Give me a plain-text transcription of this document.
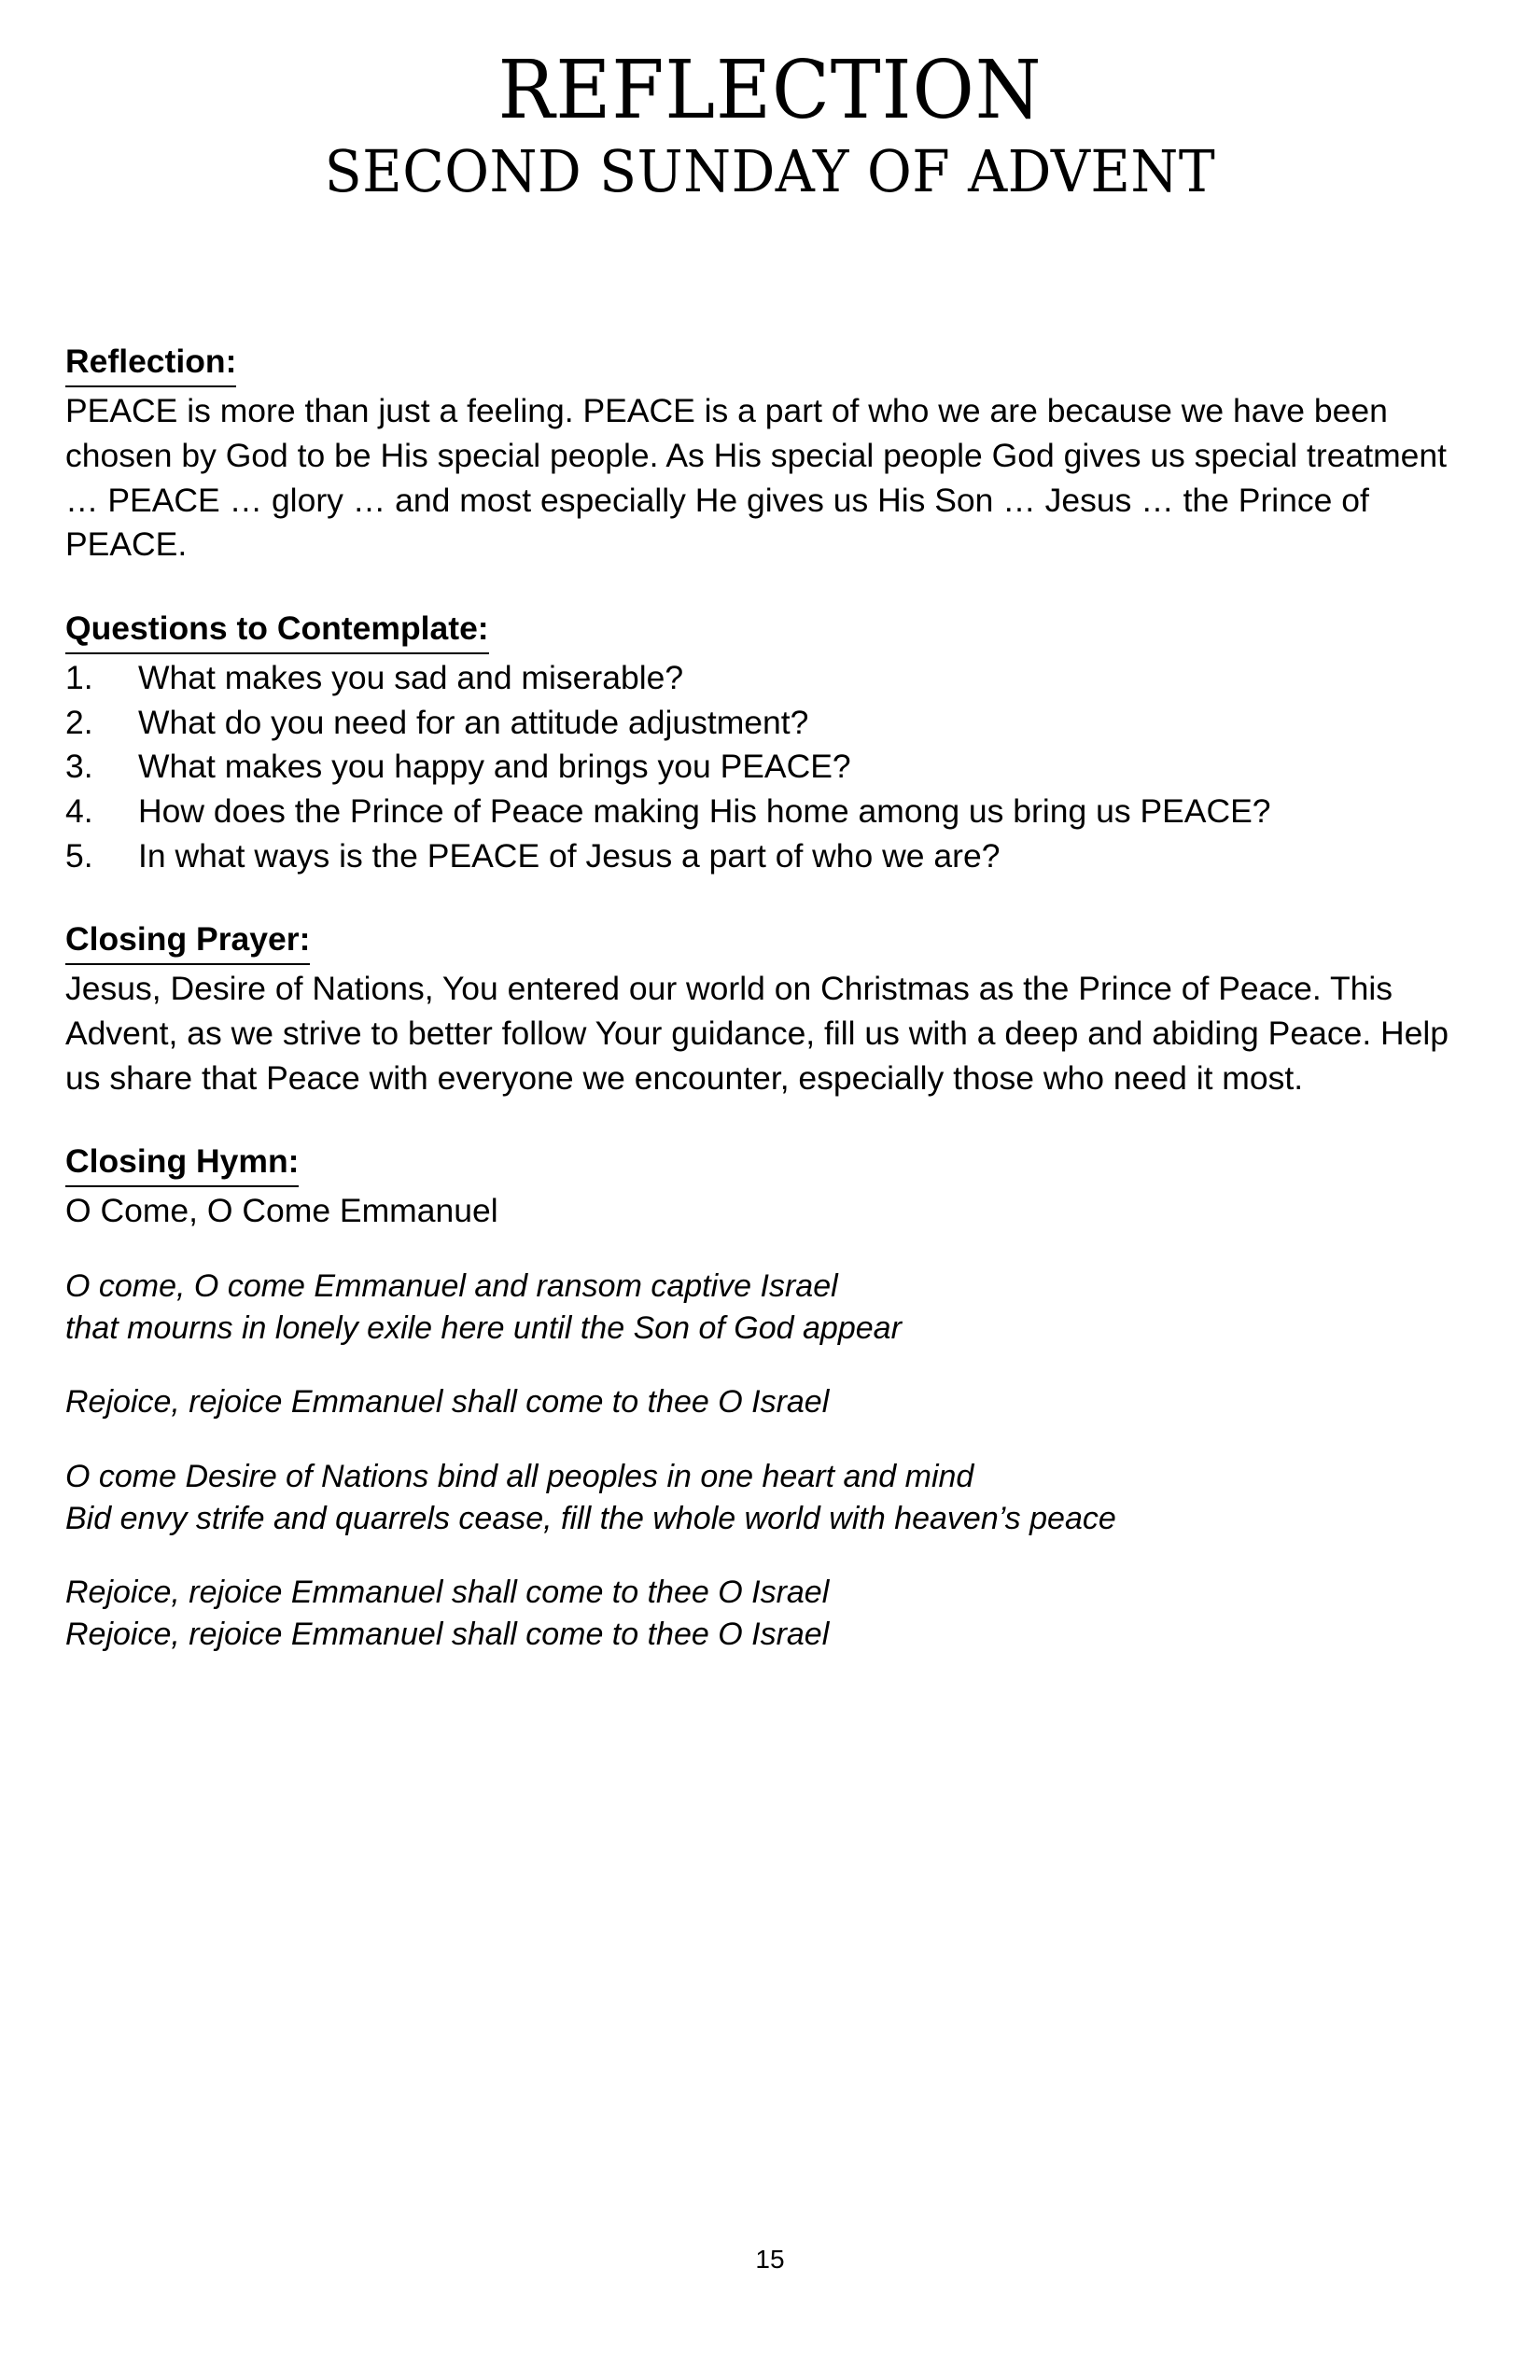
REFLECTION
SECOND SUNDAY OF ADVENT
Reflection:

PEACE is more than just a feeling. PEACE is a part of who we are because we have been chosen by God to be His special people. As His special people God gives us special treatment … PEACE … glory … and most especially He gives us His Son … Jesus … the Prince of PEACE.

Questions to Contemplate:
1.	What makes you sad and miserable?
2.	What do you need for an attitude adjustment?
3.	What makes you happy and brings you PEACE?
4.	How does the Prince of Peace making His home among us bring us PEACE?
5.	In what ways is the PEACE of Jesus a part of who we are?
Closing Prayer:

Jesus, Desire of Nations, You entered our world on Christmas as the Prince of Peace. This Advent, as we strive to better follow Your guidance, fill us with a deep and abiding Peace. Help us share that Peace with everyone we encounter, especially those who need it most.

Closing Hymn:

O Come, O Come Emmanuel

O come, O come Emmanuel and ransom captive Israel
that mourns in lonely exile here until the Son of God appear
Rejoice, rejoice Emmanuel shall come to thee O Israel
O come Desire of Nations bind all peoples in one heart and mind
Bid envy strife and quarrels cease, fill the whole world with heaven’s peace
Rejoice, rejoice Emmanuel shall come to thee O Israel
Rejoice, rejoice Emmanuel shall come to thee O Israel
15
